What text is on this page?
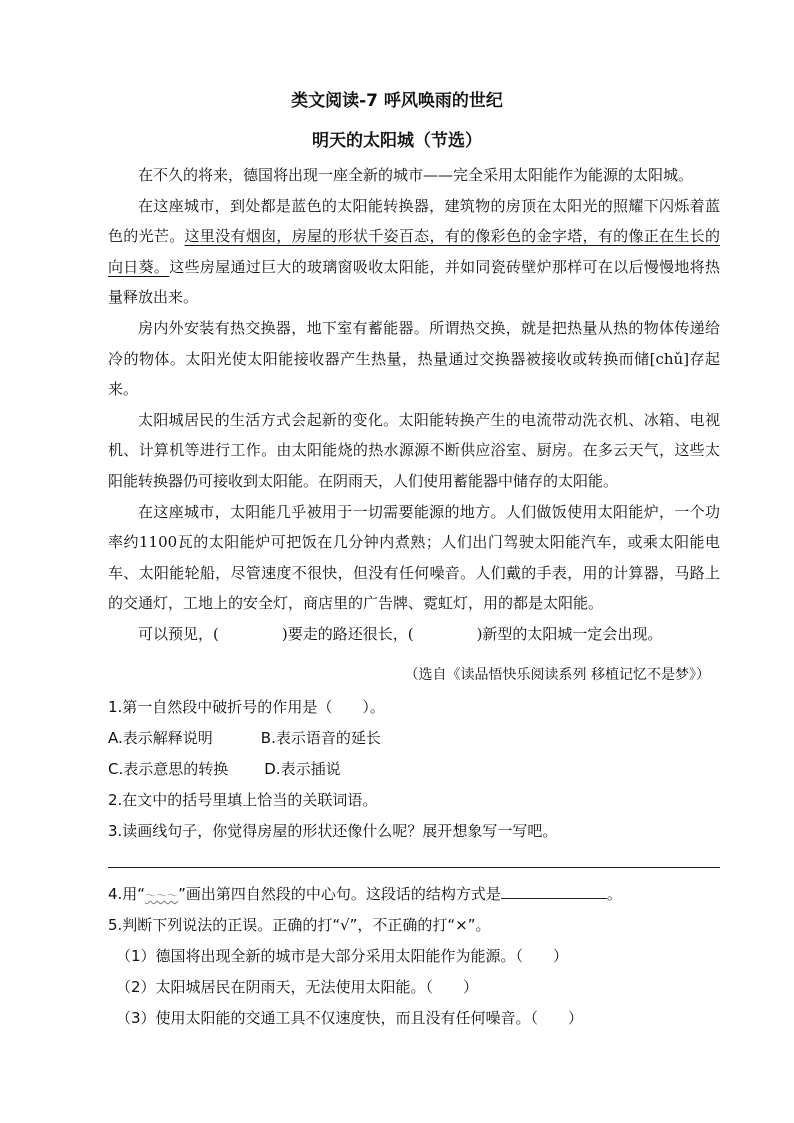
类文阅读-7 呼风唤雨的世纪
明天的太阳城（节选）

在不久的将来，德国将出现一座全新的城市——完全采用太阳能作为能源的太阳城。

在这座城市，到处都是蓝色的太阳能转换器，建筑物的房顶在太阳光的照耀下闪烁着蓝色的光芒。这里没有烟囱，房屋的形状千姿百态，有的像彩色的金字塔，有的像正在生长的向日葵。这些房屋通过巨大的玻璃窗吸收太阳能，并如同瓷砖壁炉那样可在以后慢慢地将热量释放出来。

房内外安装有热交换器，地下室有蓄能器。所谓热交换，就是把热量从热的物体传递给冷的物体。太阳光使太阳能接收器产生热量，热量通过交换器被接收或转换而储[chǔ]存起来。

太阳城居民的生活方式会起新的变化。太阳能转换产生的电流带动洗衣机、冰箱、电视机、计算机等进行工作。由太阳能烧的热水源源不断供应浴室、厨房。在多云天气，这些太阳能转换器仍可接收到太阳能。在阴雨天，人们使用蓄能器中储存的太阳能。

在这座城市，太阳能几乎被用于一切需要能源的地方。人们做饭使用太阳能炉，一个功率约1100瓦的太阳能炉可把饭在几分钟内煮熟；人们出门驾驶太阳能汽车，或乘太阳能电车、太阳能轮船，尽管速度不很快，但没有任何噪音。人们戴的手表，用的计算器，马路上的交通灯，工地上的安全灯，商店里的广告牌、霓虹灯，用的都是太阳能。

可以预见，(	)要走的路还很长，(	)新型的太阳城一定会出现。

（选自《读品悟快乐阅读系列 移植记忆不是梦》）
1.第一自然段中破折号的作用是（　　）。
A.表示解释说明	B.表示语音的延长
C.表示意思的转换 D.表示插说
2.在文中的括号里填上恰当的关联词语。
3.读画线句子，你觉得房屋的形状还像什么呢？展开想象写一写吧。
4.用“～～～”画出第四自然段的中心句。这段话的结构方式是	。
5.判断下列说法的正误。正确的打“√”，不正确的打“×”。
（1）德国将出现全新的城市是大部分采用太阳能作为能源。（　　）
（2）太阳城居民在阴雨天，无法使用太阳能。（　　）
（3）使用太阳能的交通工具不仅速度快，而且没有任何噪音。（　　）
